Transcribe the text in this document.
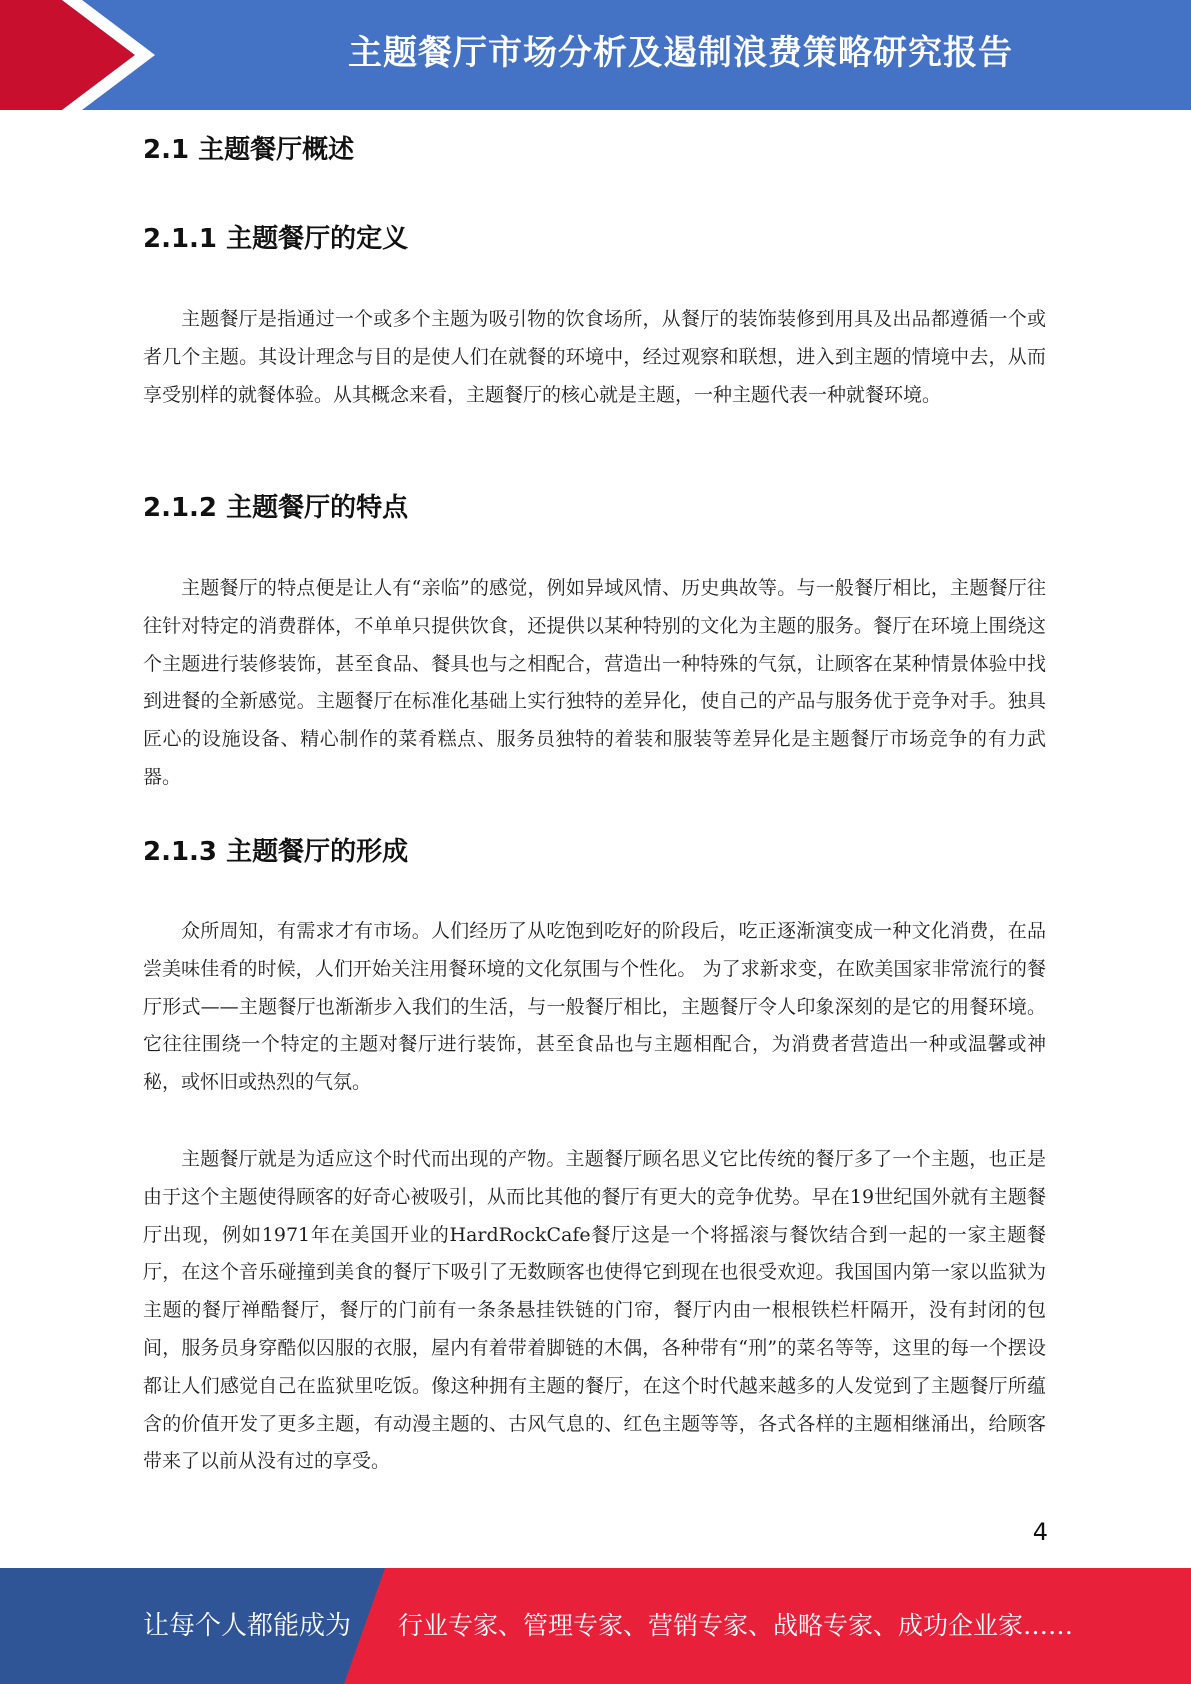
主题餐厅市场分析及遏制浪费策略研究报告
2.1 主题餐厅概述
2.1.1 主题餐厅的定义

主题餐厅是指通过一个或多个主题为吸引物的饮食场所，从餐厅的装饰装修到用具及出品都遵循一个或者几个主题。其设计理念与目的是使人们在就餐的环境中，经过观察和联想，进入到主题的情境中去，从而享受别样的就餐体验。从其概念来看，主题餐厅的核心就是主题，一种主题代表一种就餐环境。

2.1.2 主题餐厅的特点

主题餐厅的特点便是让人有“亲临”的感觉，例如异域风情、历史典故等。与一般餐厅相比，主题餐厅往往针对特定的消费群体，不单单只提供饮食，还提供以某种特别的文化为主题的服务。餐厅在环境上围绕这个主题进行装修装饰，甚至食品、餐具也与之相配合，营造出一种特殊的气氛，让顾客在某种情景体验中找到进餐的全新感觉。主题餐厅在标准化基础上实行独特的差异化，使自己的产品与服务优于竞争对手。独具匠心的设施设备、精心制作的菜肴糕点、服务员独特的着装和服装等差异化是主题餐厅市场竞争的有力武器。

2.1.3 主题餐厅的形成

众所周知，有需求才有市场。人们经历了从吃饱到吃好的阶段后，吃正逐渐演变成一种文化消费，在品尝美味佳肴的时候，人们开始关注用餐环境的文化氛围与个性化。 为了求新求变，在欧美国家非常流行的餐厅形式——主题餐厅也渐渐步入我们的生活，与一般餐厅相比，主题餐厅令人印象深刻的是它的用餐环境。它往往围绕一个特定的主题对餐厅进行装饰，甚至食品也与主题相配合，为消费者营造出一种或温馨或神秘，或怀旧或热烈的气氛。

主题餐厅就是为适应这个时代而出现的产物。主题餐厅顾名思义它比传统的餐厅多了一个主题，也正是由于这个主题使得顾客的好奇心被吸引，从而比其他的餐厅有更大的竞争优势。早在19世纪国外就有主题餐厅出现，例如1971年在美国开业的HardRockCafe餐厅这是一个将摇滚与餐饮结合到一起的一家主题餐厅，在这个音乐碰撞到美食的餐厅下吸引了无数顾客也使得它到现在也很受欢迎。我国国内第一家以监狱为主题的餐厅禅酷餐厅，餐厅的门前有一条条悬挂铁链的门帘，餐厅内由一根根铁栏杆隔开，没有封闭的包间，服务员身穿酷似囚服的衣服，屋内有着带着脚链的木偶，各种带有“刑”的菜名等等，这里的每一个摆设都让人们感觉自己在监狱里吃饭。像这种拥有主题的餐厅，在这个时代越来越多的人发觉到了主题餐厅所蕴含的价值开发了更多主题，有动漫主题的、古风气息的、红色主题等等，各式各样的主题相继涌出，给顾客带来了以前从没有过的享受。

4
让每个人都能成为 行业专家、管理专家、营销专家、战略专家、成功企业家……
